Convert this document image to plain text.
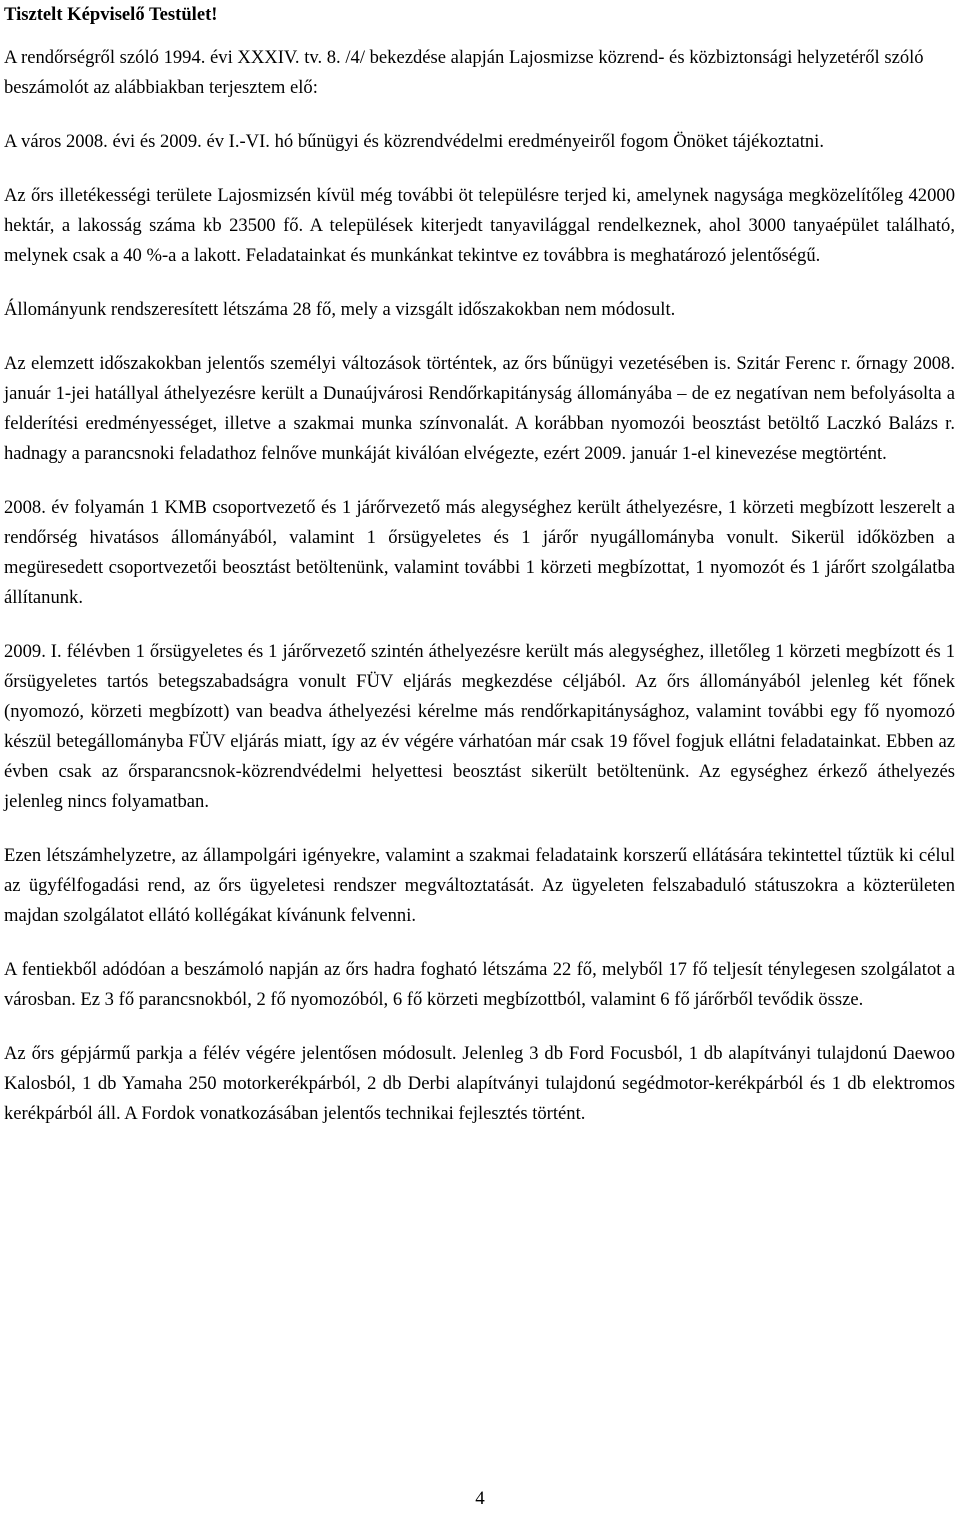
Tisztelt Képviselő Testület!

A rendőrségről szóló 1994. évi XXXIV. tv. 8. /4/ bekezdése alapján Lajosmizse közrend- és közbiztonsági helyzetéről szóló beszámolót az alábbiakban terjesztem elő:

A város 2008. évi és 2009. év I.-VI. hó bűnügyi és közrendvédelmi eredményeiről fogom Önöket tájékoztatni.

Az őrs illetékességi területe Lajosmizsén kívül még további öt településre terjed ki, amelynek nagysága megközelítőleg 42000 hektár, a lakosság száma kb 23500 fő. A települések kiterjedt tanyavilággal rendelkeznek, ahol 3000 tanyaépület található, melynek csak a 40 %-a a lakott. Feladatainkat és munkánkat tekintve ez továbbra is meghatározó jelentőségű.

Állományunk rendszeresített létszáma 28 fő, mely a vizsgált időszakokban nem módosult.

Az elemzett időszakokban jelentős személyi változások történtek, az őrs bűnügyi vezetésében is. Szitár Ferenc r. őrnagy 2008. január 1-jei hatállyal áthelyezésre került a Dunaújvárosi Rendőrkapitányság állományába – de ez negatívan nem befolyásolta a felderítési eredményességet, illetve a szakmai munka színvonalát. A korábban nyomozói beosztást betöltő Laczkó Balázs r. hadnagy a parancsnoki feladathoz felnőve munkáját kiválóan elvégezte, ezért 2009. január 1-el kinevezése megtörtént.

2008. év folyamán 1 KMB csoportvezető és 1 járőrvezető más alegységhez került áthelyezésre, 1 körzeti megbízott leszerelt a rendőrség hivatásos állományából, valamint 1 őrsügyeletes és 1 járőr nyugállományba vonult. Sikerül időközben a megüresedett csoportvezetői beosztást betöltenünk, valamint további 1 körzeti megbízottat, 1 nyomozót és 1 járőrt szolgálatba állítanunk.

2009. I. félévben 1 őrsügyeletes és 1 járőrvezető szintén áthelyezésre került más alegységhez, illetőleg 1 körzeti megbízott és 1 őrsügyeletes tartós betegszabadságra vonult FÜV eljárás megkezdése céljából. Az őrs állományából jelenleg két főnek (nyomozó, körzeti megbízott) van beadva áthelyezési kérelme más rendőrkapitánysághoz, valamint további egy fő nyomozó készül betegállományba FÜV eljárás miatt, így az év végére várhatóan már csak 19 fővel fogjuk ellátni feladatainkat. Ebben az évben csak az őrsparancsnok-közrendvédelmi helyettesi beosztást sikerült betöltenünk. Az egységhez érkező áthelyezés jelenleg nincs folyamatban.

Ezen létszámhelyzetre, az állampolgári igényekre, valamint a szakmai feladataink korszerű ellátására tekintettel tűztük ki célul az ügyfélfogadási rend, az őrs ügyeletesi rendszer megváltoztatását. Az ügyeleten felszabaduló státuszokra a közterületen majdan szolgálatot ellátó kollégákat kívánunk felvenni.

A fentiekből adódóan a beszámoló napján az őrs hadra fogható létszáma 22 fő, melyből 17 fő teljesít ténylegesen szolgálatot a városban. Ez 3 fő parancsnokból, 2 fő nyomozóból, 6 fő körzeti megbízottból, valamint 6 fő járőrből tevődik össze.

Az őrs gépjármű parkja a félév végére jelentősen módosult. Jelenleg 3 db Ford Focusból, 1 db alapítványi tulajdonú Daewoo Kalosból, 1 db Yamaha 250 motorkerékpárból, 2 db Derbi alapítványi tulajdonú segédmotor-kerékpárból és 1 db elektromos kerékpárból áll. A Fordok vonatkozásában jelentős technikai fejlesztés történt.

4
